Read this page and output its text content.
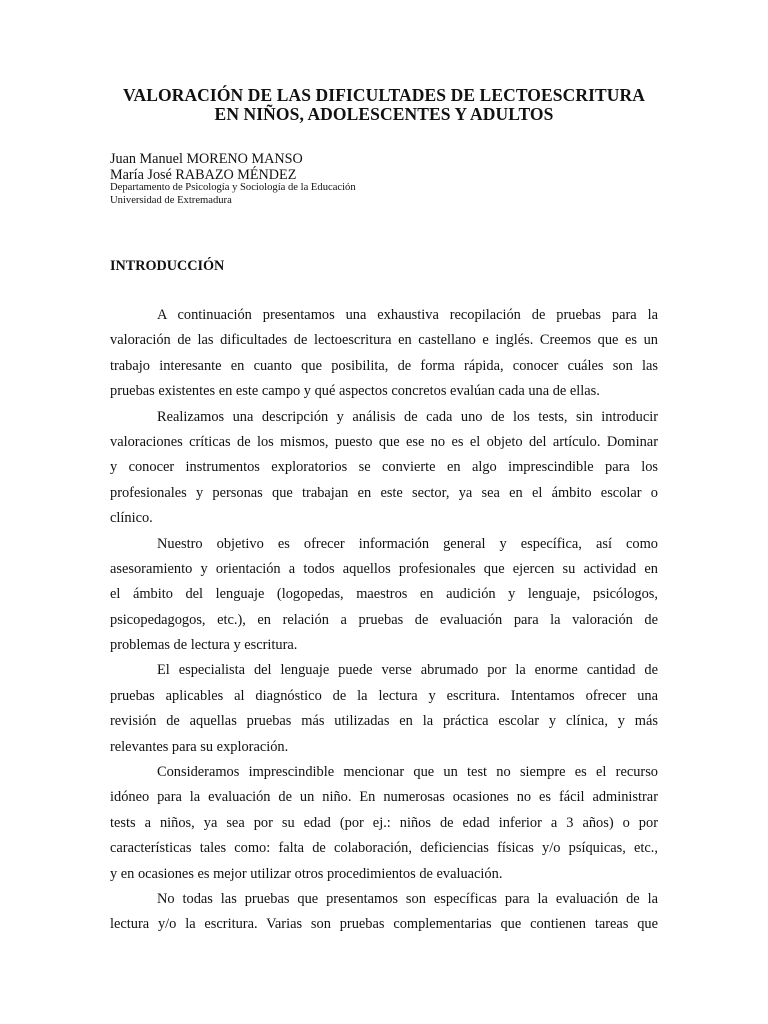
VALORACIÓN DE LAS DIFICULTADES DE LECTOESCRITURA
EN NIÑOS, ADOLESCENTES Y ADULTOS
Juan Manuel MORENO MANSO
María José RABAZO MÉNDEZ
Departamento de Psicología y Sociología de la Educación
Universidad de Extremadura
INTRODUCCIÓN
A continuación presentamos una exhaustiva recopilación de pruebas para la
valoración de las dificultades de lectoescritura en castellano e inglés. Creemos que es un
trabajo interesante en cuanto que posibilita, de forma rápida, conocer cuáles son las
pruebas existentes en este campo y qué aspectos concretos evalúan cada una de ellas.
Realizamos una descripción y análisis de cada uno de los tests, sin introducir
valoraciones críticas de los mismos, puesto que ese no es el objeto del artículo. Dominar
y conocer instrumentos exploratorios se convierte en algo imprescindible para los
profesionales y personas que trabajan en este sector, ya sea en el ámbito escolar o
clínico.
Nuestro objetivo es ofrecer información general y específica, así como
asesoramiento y orientación a todos aquellos profesionales que ejercen su actividad en
el ámbito del lenguaje (logopedas, maestros en audición y lenguaje, psicólogos,
psicopedagogos, etc.), en relación a pruebas de evaluación para la valoración de
problemas de lectura y escritura.
El especialista del lenguaje puede verse abrumado por la enorme cantidad de
pruebas aplicables al diagnóstico de la lectura y escritura. Intentamos ofrecer una
revisión de aquellas pruebas más utilizadas en la práctica escolar y clínica, y más
relevantes para su exploración.
Consideramos imprescindible mencionar que un test no siempre es el recurso
idóneo para la evaluación de un niño. En numerosas ocasiones no es fácil administrar
tests a niños, ya sea por su edad (por ej.: niños de edad inferior a 3 años) o por
características tales como: falta de colaboración, deficiencias físicas y/o psíquicas, etc.,
y en ocasiones es mejor utilizar otros procedimientos de evaluación.
No todas las pruebas que presentamos son específicas para la evaluación de la
lectura y/o la escritura. Varias son pruebas complementarias que contienen tareas que
